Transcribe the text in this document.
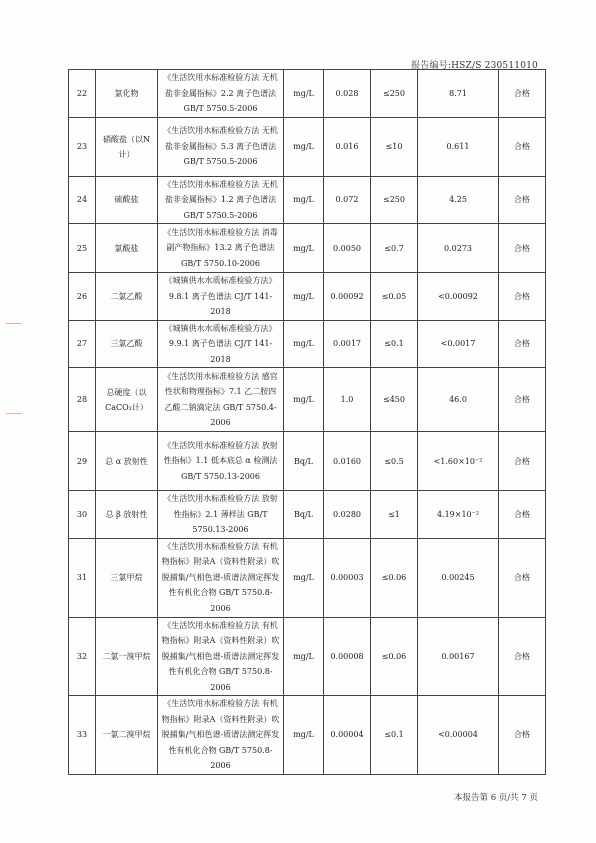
报告编号:HSZ/S 230511010
22	氯化物	《生活饮用水标准检验方法 无机盐非金属指标》2.2 离子色谱法 GB/T 5750.5-2006	mg/L	0.028	≤250	8.71	合格
23	硝酸盐（以N计）	《生活饮用水标准检验方法 无机盐非金属指标》5.3 离子色谱法 GB/T 5750.5-2006	mg/L	0.016	≤10	0.611	合格
24	硫酸盐	《生活饮用水标准检验方法 无机盐非金属指标》1.2 离子色谱法 GB/T 5750.5-2006	mg/L	0.072	≤250	4.25	合格
25	氯酸盐	《生活饮用水标准检验方法 消毒副产物指标》13.2 离子色谱法 GB/T 5750.10-2006	mg/L	0.0050	≤0.7	0.0273	合格
26	二氯乙酸	《城镇供水水质标准检验方法》 9.8.1 离子色谱法 CJ/T 141-2018	mg/L	0.00092	≤0.05	<0.00092	合格
27	三氯乙酸	《城镇供水水质标准检验方法》 9.9.1 离子色谱法 CJ/T 141-2018	mg/L	0.0017	≤0.1	<0.0017	合格
28	总硬度（以CaCO₃计）	《生活饮用水标准检验方法 感官性状和物理指标》7.1 乙二胺四乙酸二钠滴定法 GB/T 5750.4-2006	mg/L	1.0	≤450	46.0	合格
29	总 α 放射性	《生活饮用水标准检验方法 放射性指标》1.1 低本底总 α 检测法 GB/T 5750.13-2006	Bq/L	0.0160	≤0.5	<1.60×10⁻²	合格
30	总 β 放射性	《生活饮用水标准检验方法 放射性指标》2.1 薄样法 GB/T 5750.13-2006	Bq/L	0.0280	≤1	4.19×10⁻²	合格
31	三氯甲烷	《生活饮用水标准检验方法 有机物指标》附录A（资料性附录）吹脱捕集/气相色谱-质谱法测定挥发性有机化合物 GB/T 5750.8-2006	mg/L	0.00003	≤0.06	0.00245	合格
32	二氯一溴甲烷	《生活饮用水标准检验方法 有机物指标》附录A（资料性附录）吹脱捕集/气相色谱-质谱法测定挥发性有机化合物 GB/T 5750.8-2006	mg/L	0.00008	≤0.06	0.00167	合格
33	一氯二溴甲烷	《生活饮用水标准检验方法 有机物指标》附录A（资料性附录）吹脱捕集/气相色谱-质谱法测定挥发性有机化合物 GB/T 5750.8-2006	mg/L	0.00004	≤0.1	<0.00004	合格
本报告第 6 页/共 7 页
